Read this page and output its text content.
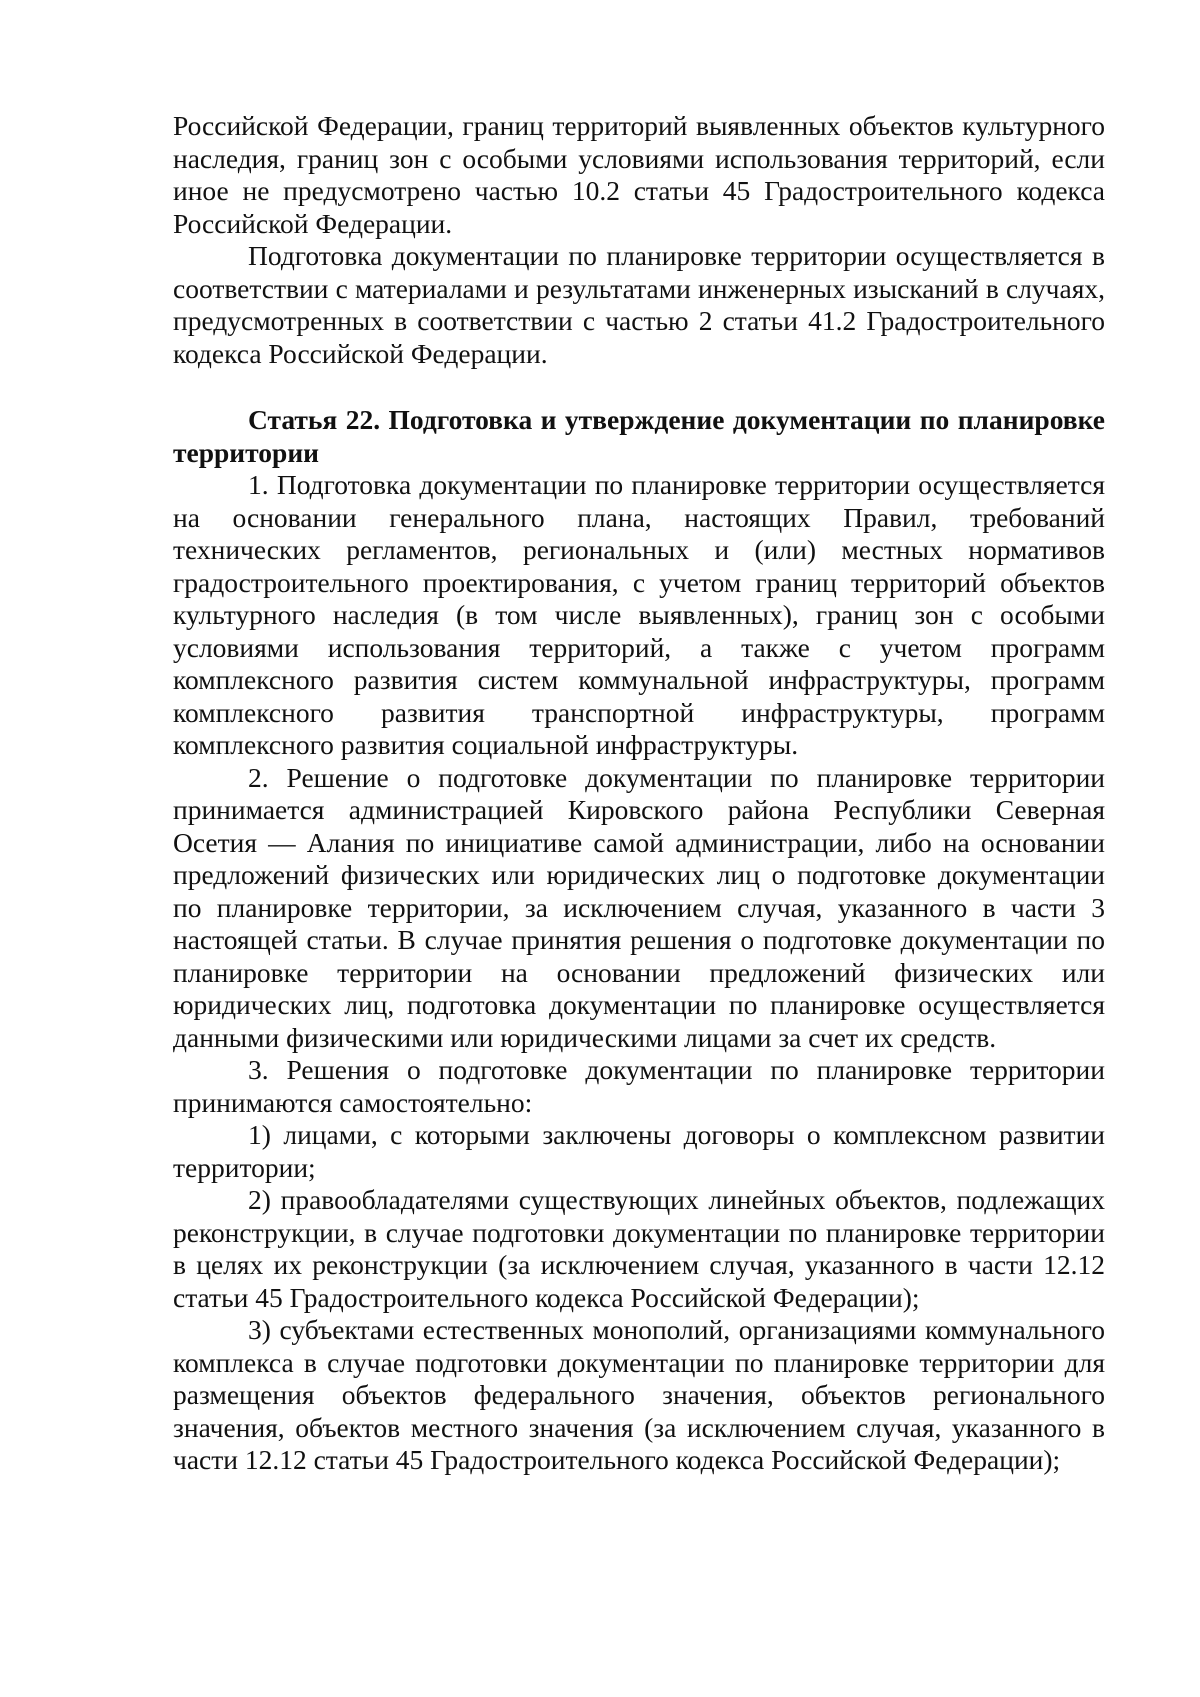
Российской Федерации, границ территорий выявленных объектов культурного наследия, границ зон с особыми условиями использования территорий, если иное не предусмотрено частью 10.2 статьи 45 Градостроительного кодекса Российской Федерации.

Подготовка документации по планировке территории осуществляется в соответствии с материалами и результатами инженерных изысканий в случаях, предусмотренных в соответствии с частью 2 статьи 41.2 Градостроительного кодекса Российской Федерации.

Статья 22. Подготовка и утверждение документации по планировке территории

1. Подготовка документации по планировке территории осуществляется на основании генерального плана, настоящих Правил, требований технических регламентов, региональных и (или) местных нормативов градостроительного проектирования, с учетом границ территорий объектов культурного наследия (в том числе выявленных), границ зон с особыми условиями использования территорий, а также с учетом программ комплексного развития систем коммунальной инфраструктуры, программ комплексного развития транспортной инфраструктуры, программ комплексного развития социальной инфраструктуры.

2. Решение о подготовке документации по планировке территории принимается администрацией Кировского района Республики Северная Осетия — Алания по инициативе самой администрации, либо на основании предложений физических или юридических лиц о подготовке документации по планировке территории, за исключением случая, указанного в части 3 настоящей статьи. В случае принятия решения о подготовке документации по планировке территории на основании предложений физических или юридических лиц, подготовка документации по планировке осуществляется данными физическими или юридическими лицами за счет их средств.

3. Решения о подготовке документации по планировке территории принимаются самостоятельно:

1) лицами, с которыми заключены договоры о комплексном развитии территории;

2) правообладателями существующих линейных объектов, подлежащих реконструкции, в случае подготовки документации по планировке территории в целях их реконструкции (за исключением случая, указанного в части 12.12 статьи 45 Градостроительного кодекса Российской Федерации);

3) субъектами естественных монополий, организациями коммунального комплекса в случае подготовки документации по планировке территории для размещения объектов федерального значения, объектов регионального значения, объектов местного значения (за исключением случая, указанного в части 12.12 статьи 45 Градостроительного кодекса Российской Федерации);
